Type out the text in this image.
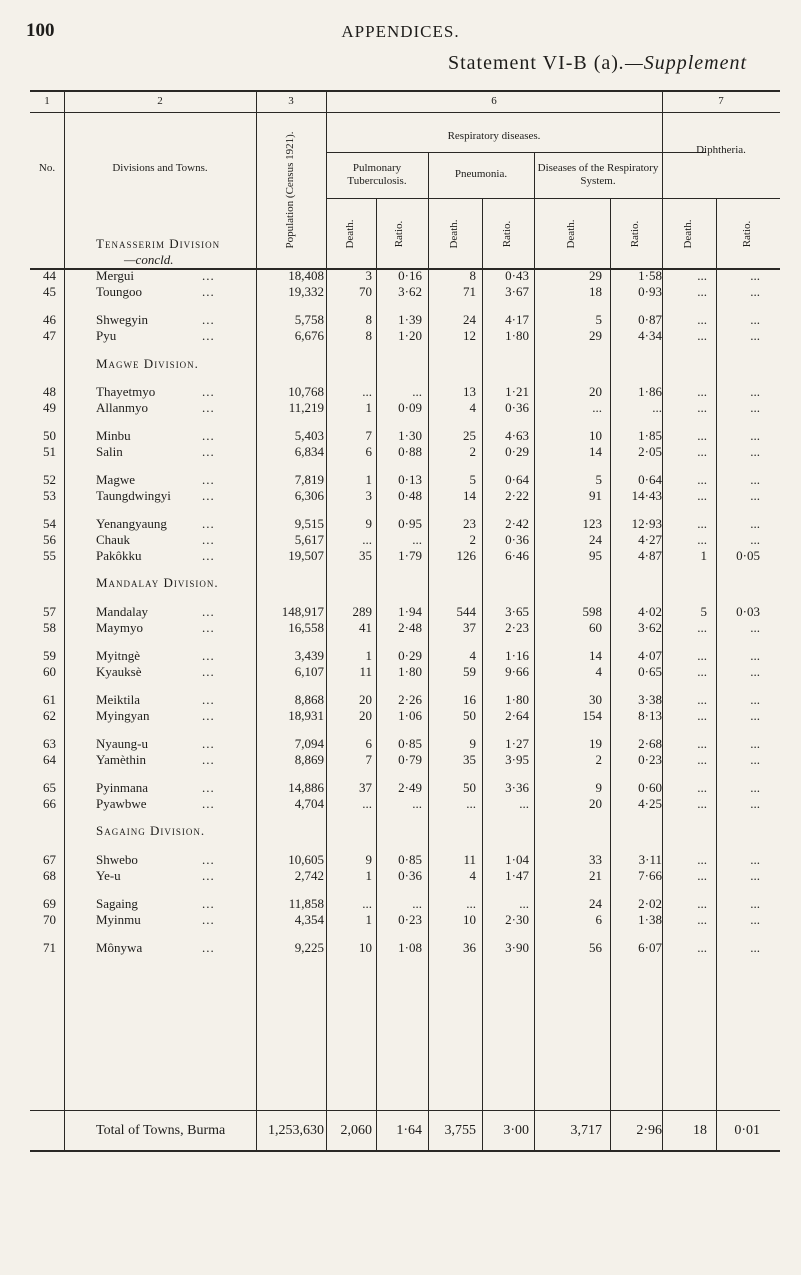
100	APPENDICES.
Statement VI-B (a).—Supplement
1	2	3	6	7
No.	Divisions and Towns.	Population (Census 1921).	Respiratory diseases.
Pulmonary Tuberculosis.
Pneumonia.	Diseases of the Respiratory System.
Diphtheria.
Death.	Ratio.	Death.	Ratio.	Death.	Ratio.	Death.	Ratio.
Tenasserim Division
—concld.
44	Mergui	...	18,408	3	0·16	8	0·43	29	1·58	...	...
45	Toungoo	...	19,332	70	3·62	71	3·67	18	0·93	...	...
46	Shwegyin	...	5,758	8	1·39	24	4·17	5	0·87	...	...
47	Pyu	...	6,676	8	1·20	12	1·80	29	4·34	...	...
Magwe Division.
48	Thayetmyo	...	10,768	...	...	13	1·21	20	1·86	...	...
49	Allanmyo	...	11,219	1	0·09	4	0·36	...	...	...	...
50	Minbu	...	5,403	7	1·30	25	4·63	10	1·85	...	...
51	Salin	...	6,834	6	0·88	2	0·29	14	2·05	...	...
52	Magwe	...	7,819	1	0·13	5	0·64	5	0·64	...	...
53	Taungdwingyi ...	6,306	3	0·48	14	2·22	91	14·43	...	...
54	Yenangyaung	...	9,515	9	0·95	23	2·42	123	12·93	...	...
56	Chauk	...	5,617	...	...	2	0·36	24	4·27	...	...
55	Pakôkku	...	19,507	35	1·79	126	6·46	95	4·87	1	0·05
Mandalay Division.
57	Mandalay	...	148,917	289	1·94	544	3·65	598	4·02	5	0·03
58	Maymyo	...	16,558	41	2·48	37	2·23	60	3·62	...	...
59	Myitngè	...	3,439	1	0·29	4	1·16	14	4·07	...	...
60	Kyauksè	...	6,107	11	1·80	59	9·66	4	0·65	...	...
61	Meiktila	...	8,868	20	2·26	16	1·80	30	3·38	...	...
62	Myingyan	...	18,931	20	1·06	50	2·64	154	8·13	...	...
63	Nyaung-u	...	7,094	6	0·85	9	1·27	19	2·68	...	...
64	Yamèthin	...	8,869	7	0·79	35	3·95	2	0·23	...	...
65	Pyinmana	...	14,886	37	2·49	50	3·36	9	0·60	...	...
66	Pyawbwe	...	4,704	...	...	...	...	20	4·25	...	...
Sagaing Division.
67	Shwebo	...	10,605	9	0·85	11	1·04	33	3·11	...	...
68	Ye-u	...	2,742	1	0·36	4	1·47	21	7·66	...	...
69	Sagaing	...	11,858	...	...	...	...	24	2·02	...	...
70	Myinmu	...	4,354	1	0·23	10	2·30	6	1·38	...	...
71	Mônywa	...	9,225	10	1·08	36	3·90	56	6·07	...	...
Total of Towns, Burma	1,253,630	2,060	1·64	3,755	3·00	3,717	2·96	18	0·01
